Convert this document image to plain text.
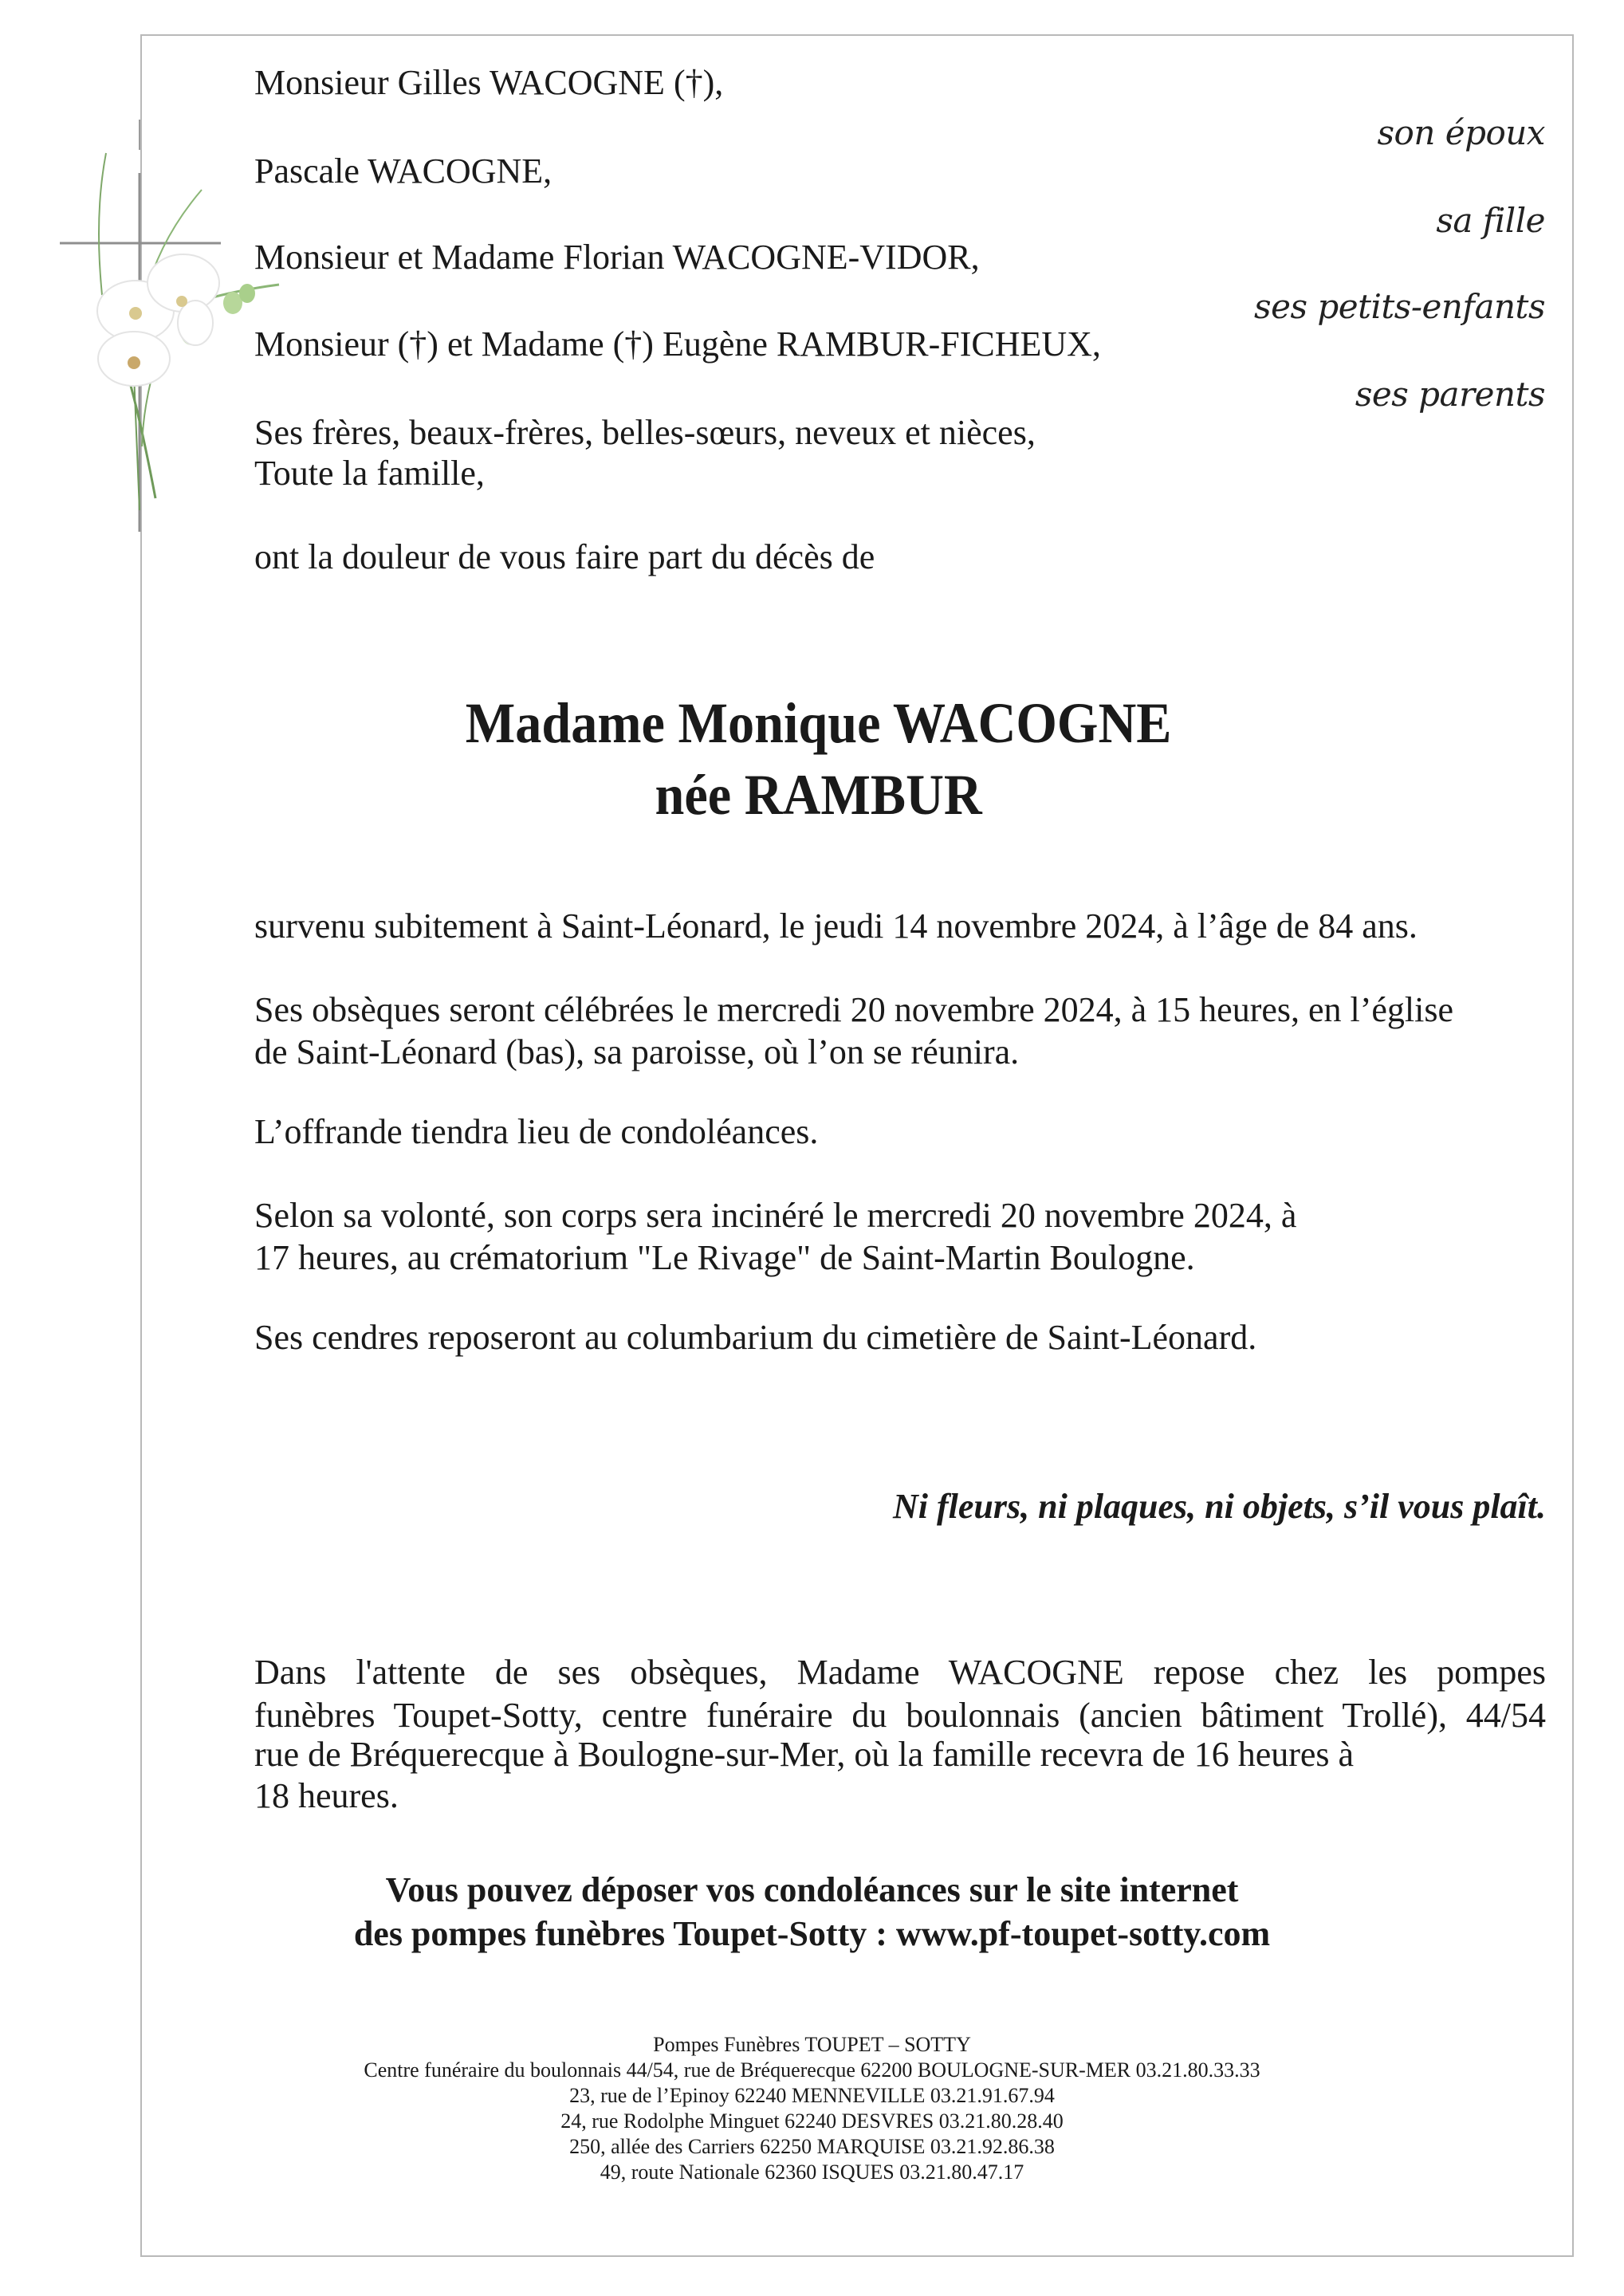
Monsieur Gilles WACOGNE (†),
son époux
Pascale WACOGNE,
sa fille
Monsieur et Madame Florian WACOGNE-VIDOR,
ses petits-enfants
Monsieur (†) et Madame (†) Eugène RAMBUR-FICHEUX,
ses parents
Ses frères, beaux-frères, belles-sœurs, neveux et nièces,
Toute la famille,
ont la douleur de vous faire part du décès de
Madame Monique WACOGNE
née RAMBUR
survenu subitement à Saint-Léonard, le jeudi 14 novembre 2024, à l’âge de 84 ans.
Ses obsèques seront célébrées le mercredi 20 novembre 2024, à 15 heures, en l’église
de Saint-Léonard (bas), sa paroisse, où l’on se réunira.
L’offrande tiendra lieu de condoléances.
Selon sa volonté, son corps sera incinéré le mercredi 20 novembre 2024, à
17 heures, au crématorium "Le Rivage" de Saint-Martin Boulogne.
Ses cendres reposeront au columbarium du cimetière de Saint-Léonard.
Ni fleurs, ni plaques, ni objets, s’il vous plaît.
Dans l'attente de ses obsèques, Madame WACOGNE repose chez les pompes
funèbres Toupet-Sotty, centre funéraire du boulonnais (ancien bâtiment Trollé), 44/54
rue de Bréquerecque à Boulogne-sur-Mer, où la famille recevra de 16 heures à
18 heures.
Vous pouvez déposer vos condoléances sur le site internet
des pompes funèbres Toupet-Sotty : www.pf-toupet-sotty.com
Pompes Funèbres TOUPET – SOTTY
Centre funéraire du boulonnais 44/54, rue de Bréquerecque 62200 BOULOGNE-SUR-MER 03.21.80.33.33
23, rue de l’Epinoy 62240 MENNEVILLE 03.21.91.67.94
24, rue Rodolphe Minguet 62240 DESVRES 03.21.80.28.40
250, allée des Carriers 62250 MARQUISE 03.21.92.86.38
49, route Nationale 62360 ISQUES 03.21.80.47.17
